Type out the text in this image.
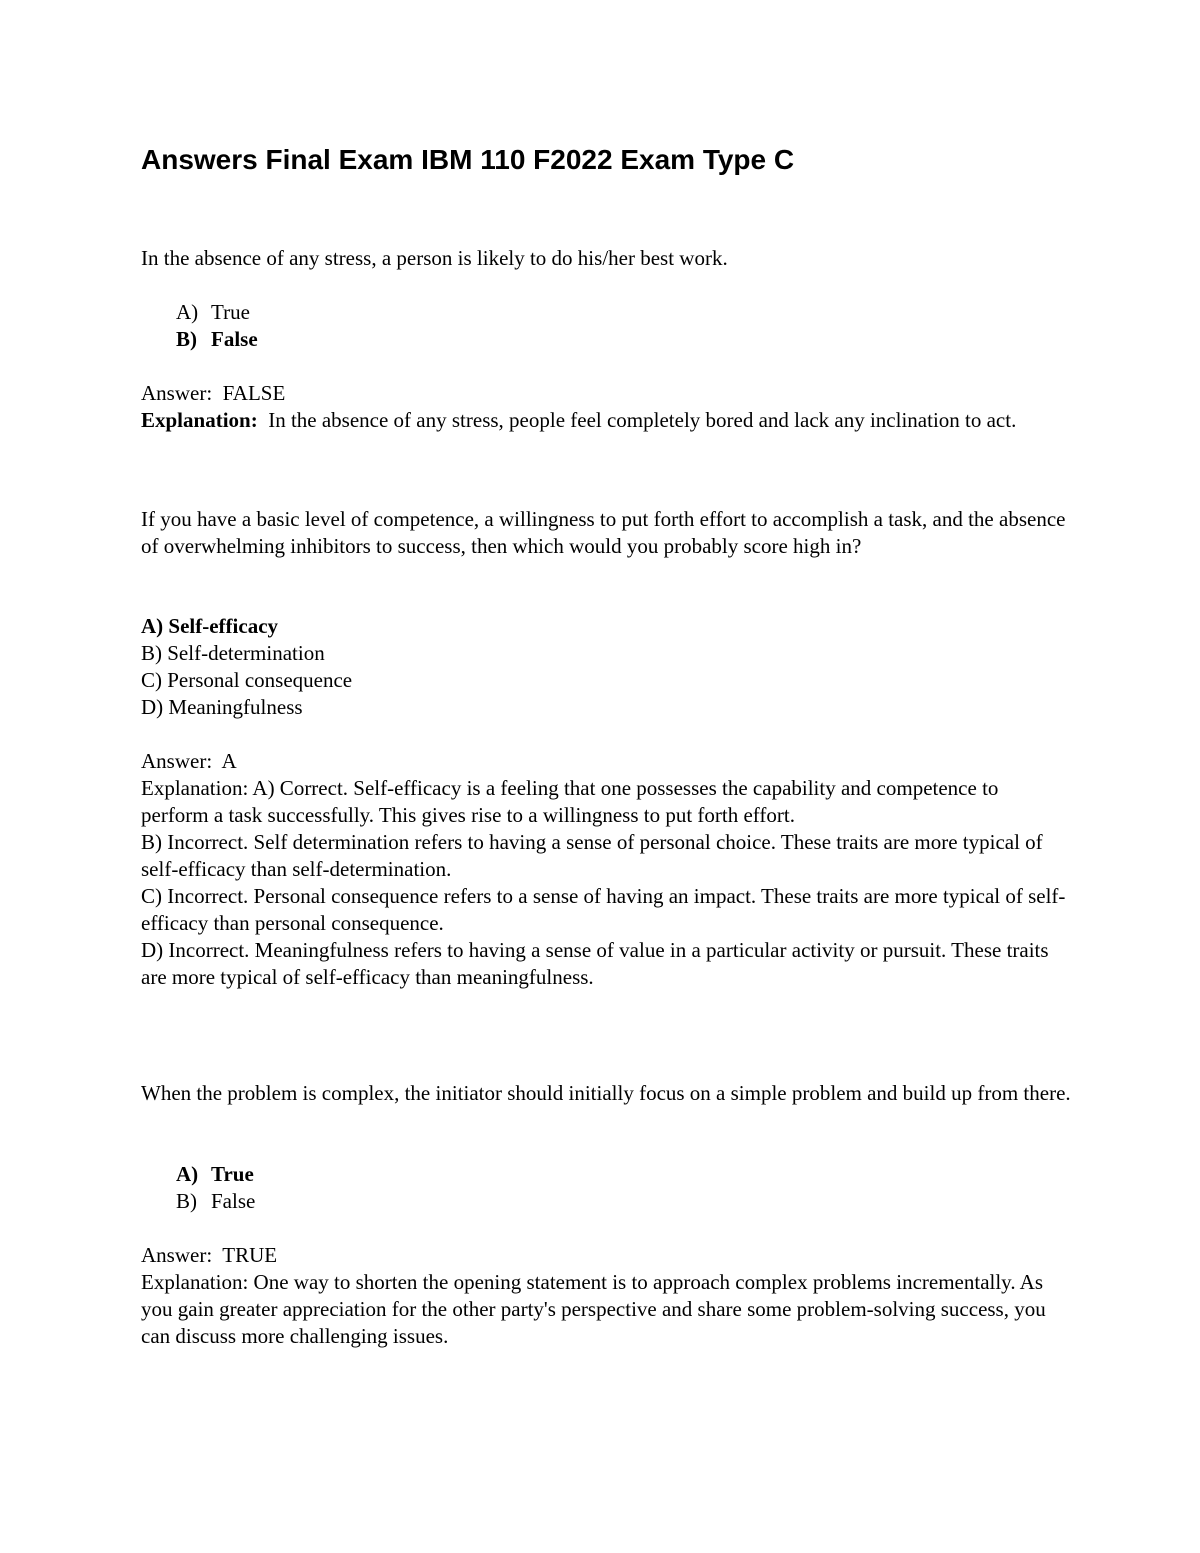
Answers Final Exam IBM 110 F2022 Exam Type C

In the absence of any stress, a person is likely to do his/her best work.

A) True
B) False

Answer: FALSE

Explanation: In the absence of any stress, people feel completely bored and lack any inclination to act.

If you have a basic level of competence, a willingness to put forth effort to accomplish a task, and the absence of overwhelming inhibitors to success, then which would you probably score high in?

A) Self-efficacy
B) Self-determination
C) Personal consequence
D) Meaningfulness

Answer: A

Explanation: A) Correct. Self-efficacy is a feeling that one possesses the capability and competence to perform a task successfully. This gives rise to a willingness to put forth effort.

B) Incorrect. Self determination refers to having a sense of personal choice. These traits are more typical of self-efficacy than self-determination.

C) Incorrect. Personal consequence refers to a sense of having an impact. These traits are more typical of self-efficacy than personal consequence.

D) Incorrect. Meaningfulness refers to having a sense of value in a particular activity or pursuit. These traits are more typical of self-efficacy than meaningfulness.

When the problem is complex, the initiator should initially focus on a simple problem and build up from there.

A) True
B) False

Answer: TRUE

Explanation: One way to shorten the opening statement is to approach complex problems incrementally. As you gain greater appreciation for the other party's perspective and share some problem-solving success, you can discuss more challenging issues.
